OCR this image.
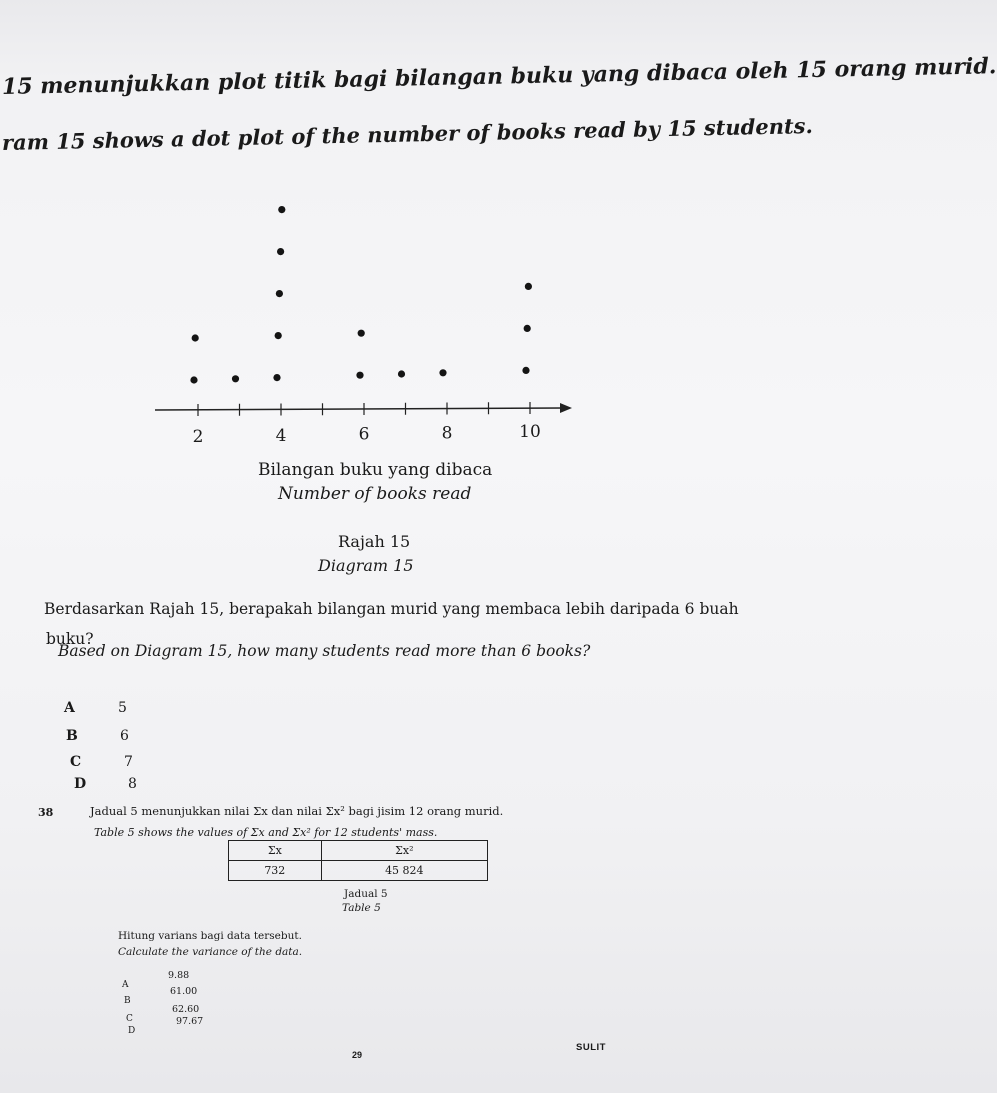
15 menunjukkan plot titik bagi bilangan buku yang dibaca oleh 15 orang murid.
ram 15 shows a dot plot of the number of books read by 15 students.
2	4	6	8	10
Bilangan buku yang dibaca
Number of books read
Rajah 15
Diagram 15
Berdasarkan Rajah 15, berapakah bilangan murid yang membaca lebih daripada 6 buah
buku?
Based on Diagram 15, how many students read more than 6 books?
A	5
B	6
C	7
D	8
38	Jadual 5 menunjukkan nilai Σx dan nilai Σx² bagi jisim 12 orang murid.
Table 5 shows the values of Σx and Σx² for 12 students' mass.
Σx	Σx²
732	45 824
Jadual 5
Table 5
Hitung varians bagi data tersebut.
Calculate the variance of the data.
A
9.88
B
61.00
C
62.60
D
97.67
29
SULIT
